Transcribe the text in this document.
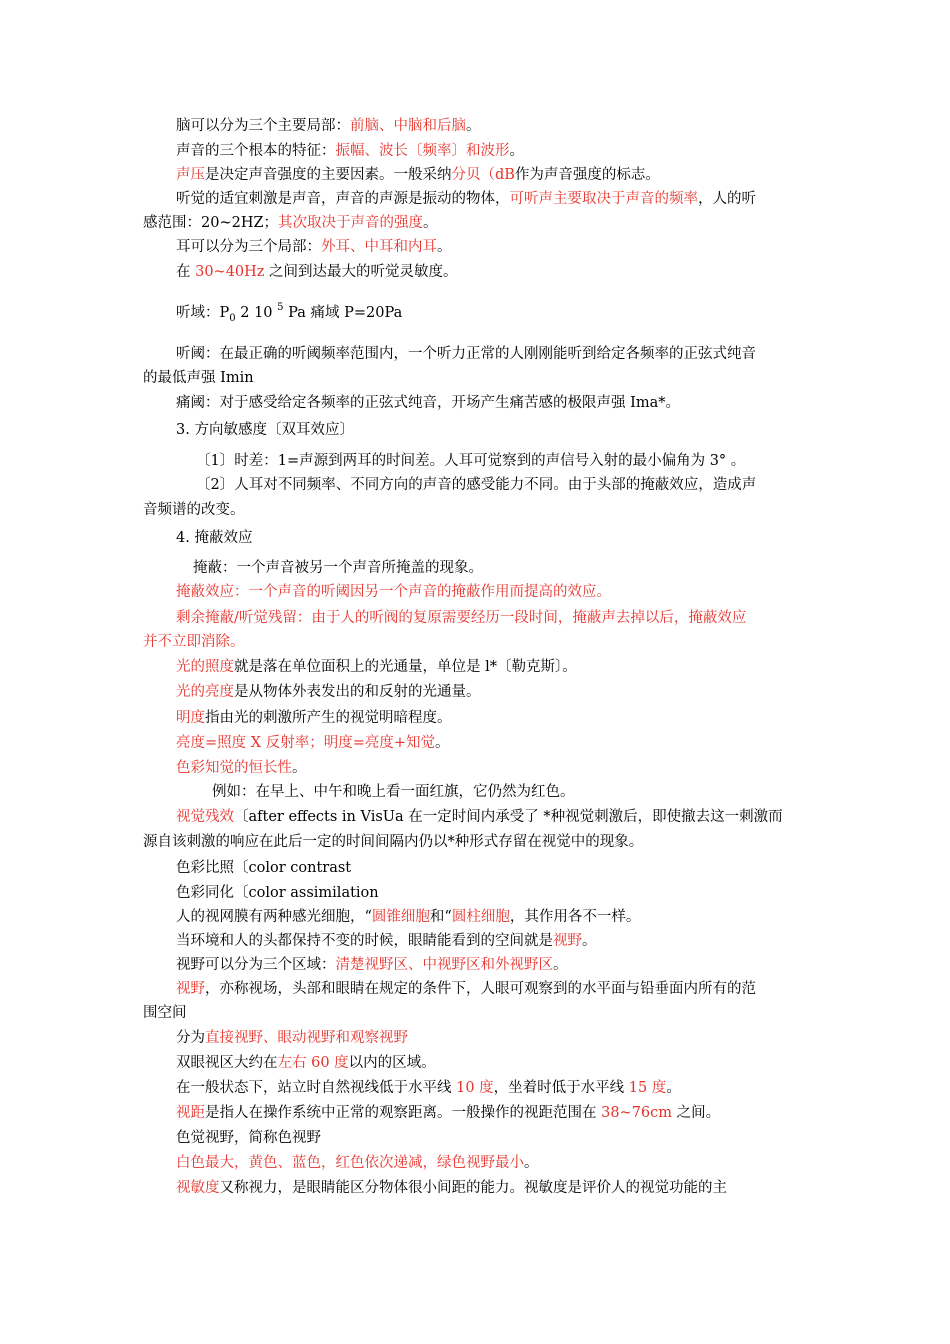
脑可以分为三个主要局部：前脑、中脑和后脑。
声音的三个根本的特征：振幅、波长〔频率〕和波形。
声压是决定声音强度的主要因素。一般采纳分贝（dB作为声音强度的标志。
听觉的适宜刺激是声音，声音的声源是振动的物体，可听声主要取决于声音的频率，人的听
感范围：20~2HZ；其次取决于声音的强度。
耳可以分为三个局部：外耳、中耳和内耳。
在 30~40Hz 之间到达最大的听觉灵敏度。
听域：$P_0$ 2 10 $^5$ Pa 痛域 P=20Pa
听阈：在最正确的听阈频率范围内，一个听力正常的人刚刚能听到给定各频率的正弦式纯音
的最低声强 Imin
痛阈：对于感受给定各频率的正弦式纯音，开场产生痛苦感的极限声强 Ima*。
3. 方向敏感度〔双耳效应〕
〔1〕时差：1=声源到两耳的时间差。人耳可觉察到的声信号入射的最小偏角为 3° 。
〔2〕人耳对不同频率、不同方向的声音的感受能力不同。由于头部的掩蔽效应，造成声
音频谱的改变。
4. 掩蔽效应
掩蔽：一个声音被另一个声音所掩盖的现象。
掩蔽效应：一个声音的听阈因另一个声音的掩蔽作用而提高的效应。
剩余掩蔽/听觉残留：由于人的听阀的复原需要经历一段时间，掩蔽声去掉以后，掩蔽效应
并不立即消除。
光的照度就是落在单位面积上的光通量，单位是 l*〔勒克斯〕。
光的亮度是从物体外表发出的和反射的光通量。
明度指由光的刺激所产生的视觉明暗程度。
亮度=照度 X 反射率；明度=亮度+知觉。
色彩知觉的恒长性。
例如：在早上、中午和晚上看一面红旗，它仍然为红色。
视觉残效〔after effects in VisUa 在一定时间内承受了 *种视觉刺激后，即使撤去这一刺激而
源自该刺激的响应在此后一定的时间间隔内仍以*种形式存留在视觉中的现象。
色彩比照〔color contrast
色彩同化〔color assimilation
人的视网膜有两种感光细胞，“圆锥细胞和“圆柱细胞，其作用各不一样。
当环境和人的头都保持不变的时候，眼睛能看到的空间就是视野。
视野可以分为三个区域：清楚视野区、中视野区和外视野区。
视野，亦称视场，头部和眼睛在规定的条件下，人眼可观察到的水平面与铅垂面内所有的范
围空间
分为直接视野、眼动视野和观察视野
双眼视区大约在左右 60 度以内的区域。
在一般状态下，站立时自然视线低于水平线 10 度，坐着时低于水平线 15 度。
视距是指人在操作系统中正常的观察距离。一般操作的视距范围在 38~76cm 之间。
色觉视野，简称色视野
白色最大，黄色、蓝色，红色依次递减，绿色视野最小。
视敏度又称视力，是眼睛能区分物体很小间距的能力。视敏度是评价人的视觉功能的主
